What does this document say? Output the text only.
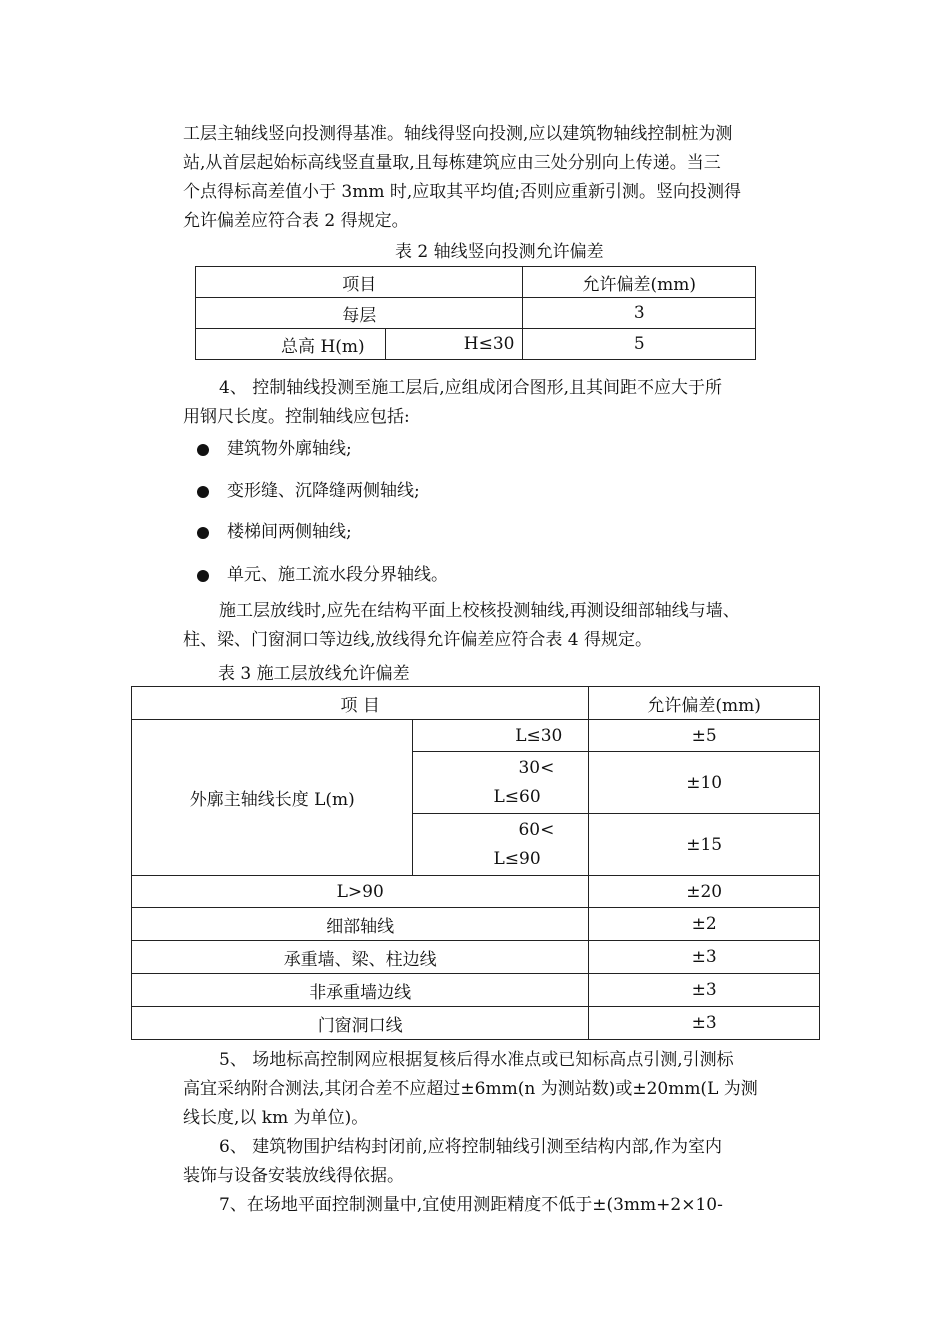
工层主轴线竖向投测得基准。轴线得竖向投测,应以建筑物轴线控制桩为测
站,从首层起始标高线竖直量取,且每栋建筑应由三处分别向上传递。当三
个点得标高差值小于 3mm 时,应取其平均值;否则应重新引测。竖向投测得
允许偏差应符合表 2 得规定。
表 2 轴线竖向投测允许偏差
项目		允许偏差(mm)
每层		3
总高 H(m)	H≤30	5
4、 控制轴线投测至施工层后,应组成闭合图形,且其间距不应大于所
用钢尺长度。控制轴线应包括:
建筑物外廓轴线;
变形缝、沉降缝两侧轴线;
楼梯间两侧轴线;
单元、施工流水段分界轴线。
施工层放线时,应先在结构平面上校核投测轴线,再测设细部轴线与墙、
柱、梁、门窗洞口等边线,放线得允许偏差应符合表 4 得规定。
表 3 施工层放线允许偏差
项 目		允许偏差(mm)
外廓主轴线长度 L(m)	L≤30	±5

	30<
L≤60	±10

	60<
L≤90	±15
L>90		±20
细部轴线		±2
承重墙、梁、柱边线		±3
非承重墙边线		±3
门窗洞口线		±3
5、 场地标高控制网应根据复核后得水准点或已知标高点引测,引测标
高宜采纳附合测法,其闭合差不应超过±6mm(n 为测站数)或±20mm(L 为测
线长度,以 km 为单位)。
6、 建筑物围护结构封闭前,应将控制轴线引测至结构内部,作为室内
装饰与设备安装放线得依据。
7、在场地平面控制测量中,宜使用测距精度不低于±(3mm+2×10-
